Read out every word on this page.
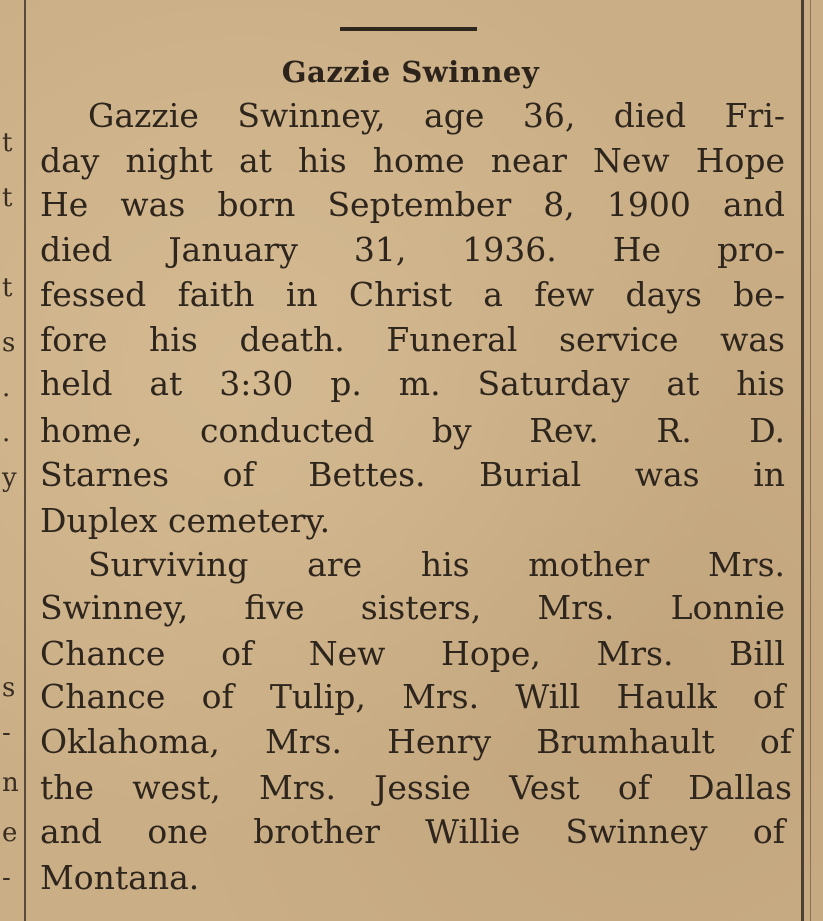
t
t
t
s
.
.
y
s
-
n
e
-
Gazzie Swinney
Gazzie Swinney, age 36, died Fri-
day night at his home near New Hope
He was born September 8, 1900 and
died January 31, 1936. He pro-
fessed faith in Christ a few days be-
fore his death. Funeral service was
held at 3:30 p. m. Saturday at his
home, conducted by Rev. R. D.
Starnes of Bettes. Burial was in
Duplex cemetery.
Surviving are his mother Mrs.
Swinney, five sisters, Mrs. Lonnie
Chance of New Hope, Mrs. Bill
Chance of Tulip, Mrs. Will Haulk of
Oklahoma, Mrs. Henry Brumhault of
the west, Mrs. Jessie Vest of Dallas
and one brother Willie Swinney of
Montana.
